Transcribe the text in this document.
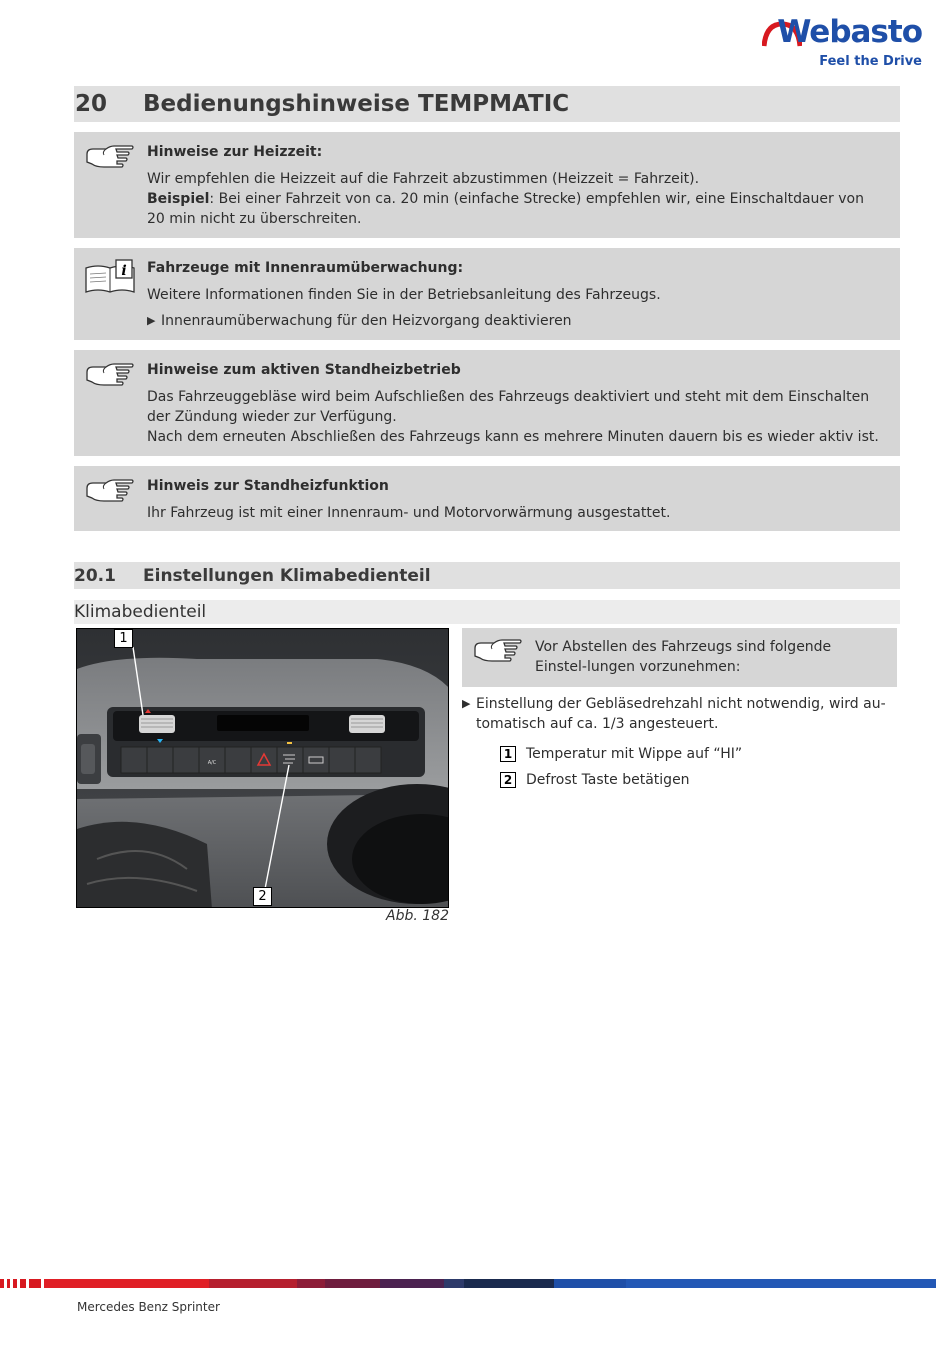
Webasto
Feel the Drive
20	Bedienungshinweise TEMPMATIC
Hinweise zur Heizzeit:

Wir empfehlen die Heizzeit auf die Fahrzeit abzustimmen (Heizzeit = Fahrzeit).

Beispiel: Bei einer Fahrzeit von ca. 20 min (einfache Strecke) empfehlen wir, eine Einschaltdauer von 20 min nicht zu überschreiten.

i Fahrzeuge mit Innenraumüberwachung:

Weitere Informationen finden Sie in der Betriebsanleitung des Fahrzeugs.

▶ Innenraumüberwachung für den Heizvorgang deaktivieren
Hinweise zum aktiven Standheizbetrieb

Das Fahrzeuggebläse wird beim Aufschließen des Fahrzeugs deaktiviert und steht mit dem Einschalten der Zündung wieder zur Verfügung.

Nach dem erneuten Abschließen des Fahrzeugs kann es mehrere Minuten dauern bis es wieder aktiv ist.

Hinweis zur Standheizfunktion

Ihr Fahrzeug ist mit einer Innenraum- und Motorvorwärmung ausgestattet.

20.1	Einstellungen Klimabedienteil
Klimabedienteil
A/C
1
2
Abb. 182
Vor Abstellen des Fahrzeugs sind folgende Einstel-lungen vorzunehmen:
▶ Einstellung der Gebläsedrehzahl nicht notwendig, wird au-tomatisch auf ca. 1/3 angesteuert.
1 Temperatur mit Wippe auf “HI”
2 Defrost Taste betätigen
Mercedes Benz Sprinter
